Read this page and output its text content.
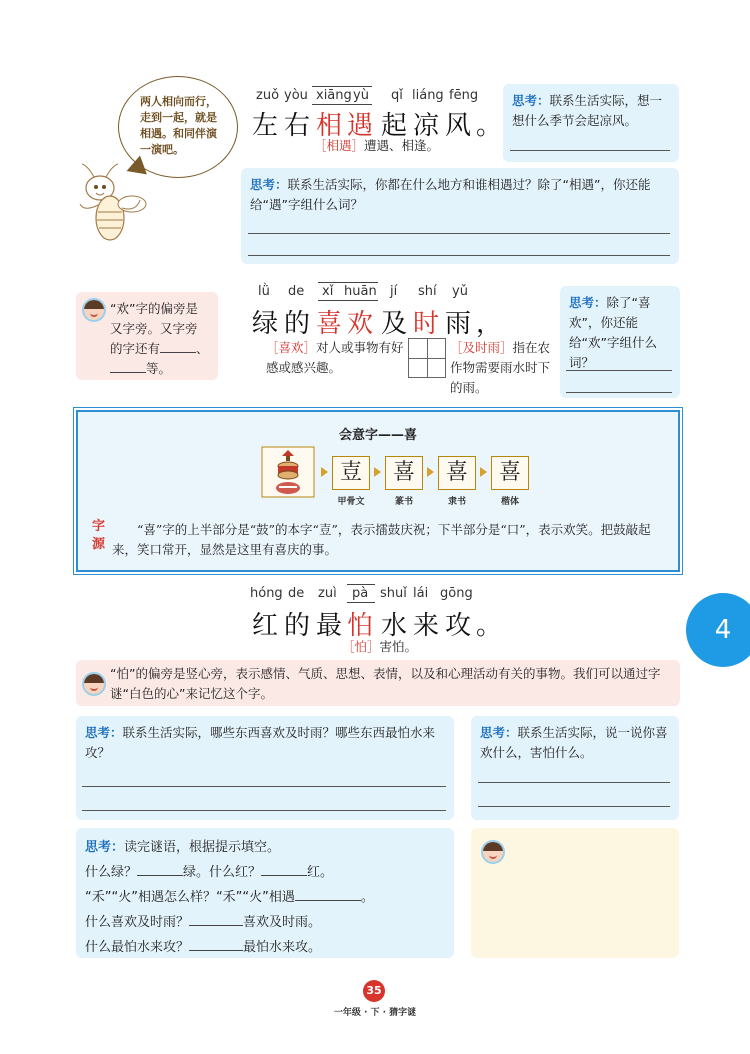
两人相向而行，走到一起，就是相遇。和同伴演一演吧。
zuǒ yòu xiāng yù qǐ liáng fēng
左 右 相 遇 起 凉 风 。
［相遇］遭遇、相逢。
思考：联系生活实际，想一想什么季节会起凉风。
思考：联系生活实际，你都在什么地方和谁相遇过？除了“相遇”，你还能给“遇”字组什么词？
“欢”字的偏旁是又字旁。又字旁的字还有	、等。
lǜ de xǐ huān jí shí yǔ
绿 的 喜 欢 及 时 雨 ，
［喜欢］对人或事物有好感或感兴趣。
［及时雨］指在农作物需要雨水时下的雨。
思考：除了“喜欢”，你还能给“欢”字组什么词？
会意字——喜
壴
甲骨文
喜
篆书
喜
隶书
喜
楷体
字源
“喜”字的上半部分是“鼓”的本字“壴”，表示擂鼓庆祝；下半部分是“口”，表示欢笑。把鼓敲起来，笑口常开，显然是这里有喜庆的事。
hóng de zuì pà shuǐ lái gōng
红 的 最 怕 水 来 攻 。
［怕］害怕。
4
“怕”的偏旁是竖心旁，表示感情、气质、思想、表情，以及和心理活动有关的事物。我们可以通过字谜“白色的心”来记忆这个字。
思考：联系生活实际，哪些东西喜欢及时雨？哪些东西最怕水来攻？
思考：联系生活实际，说一说你喜欢什么，害怕什么。
思考：读完谜语，根据提示填空。
什么绿？	绿。什么红？	红。
“禾”“火”相遇怎么样？“禾”“火”相遇	。
什么喜欢及时雨？	喜欢及时雨。
什么最怕水来攻？	最怕水来攻。
35
一年级 · 下 · 猜字谜
